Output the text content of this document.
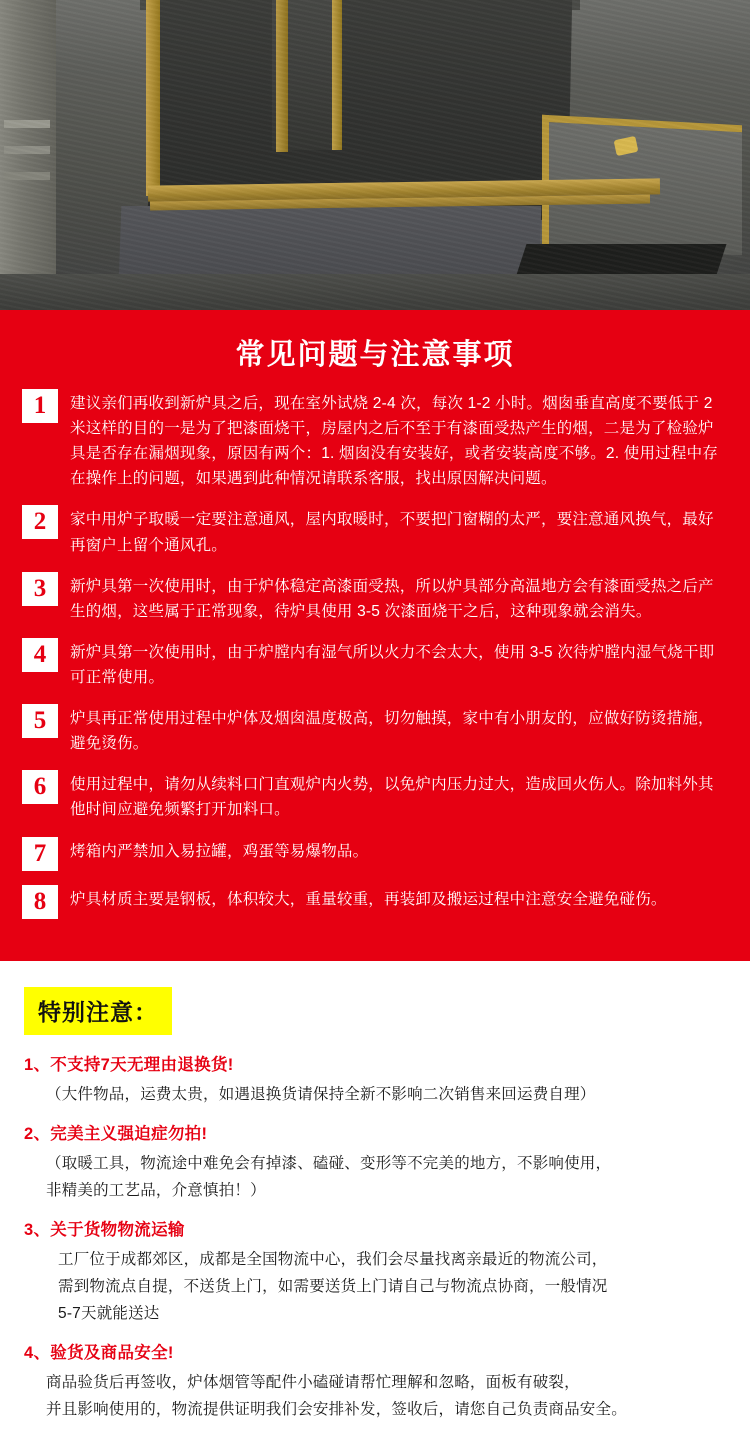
常见问题与注意事项
1	建议亲们再收到新炉具之后，现在室外试烧 2-4 次，每次 1-2 小时。烟囱垂直高度不要低于 2 米这样的目的一是为了把漆面烧干，房屋内之后不至于有漆面受热产生的烟，二是为了检验炉具是否存在漏烟现象，原因有两个：1. 烟囱没有安装好，或者安装高度不够。2. 使用过程中存在操作上的问题，如果遇到此种情况请联系客服，找出原因解决问题。
2	家中用炉子取暖一定要注意通风，屋内取暖时，不要把门窗糊的太严，要注意通风换气，最好再窗户上留个通风孔。
3	新炉具第一次使用时，由于炉体稳定高漆面受热，所以炉具部分高温地方会有漆面受热之后产生的烟，这些属于正常现象，待炉具使用 3-5 次漆面烧干之后，这种现象就会消失。
4	新炉具第一次使用时，由于炉膛内有湿气所以火力不会太大，使用 3-5 次待炉膛内湿气烧干即可正常使用。
5	炉具再正常使用过程中炉体及烟囱温度极高，切勿触摸，家中有小朋友的，应做好防烫措施，避免烫伤。
6	使用过程中，请勿从续料口门直观炉内火势，以免炉内压力过大，造成回火伤人。除加料外其他时间应避免频繁打开加料口。
7	烤箱内严禁加入易拉罐，鸡蛋等易爆物品。
8	炉具材质主要是钢板，体积较大，重量较重，再装卸及搬运过程中注意安全避免碰伤。
特别注意：
1、不支持7天无理由退换货!
（大件物品，运费太贵，如遇退换货请保持全新不影响二次销售来回运费自理）
2、完美主义强迫症勿拍!
（取暖工具，物流途中难免会有掉漆、磕碰、变形等不完美的地方，不影响使用，
非精美的工艺品，介意慎拍！）
3、关于货物物流运输
工厂位于成都郊区，成都是全国物流中心，我们会尽量找离亲最近的物流公司，
需到物流点自提，不送货上门，如需要送货上门请自己与物流点协商，一般情况
5-7天就能送达
4、验货及商品安全!
商品验货后再签收，炉体烟管等配件小磕碰请帮忙理解和忽略，面板有破裂，
并且影响使用的，物流提供证明我们会安排补发，签收后，请您自己负责商品安全。
